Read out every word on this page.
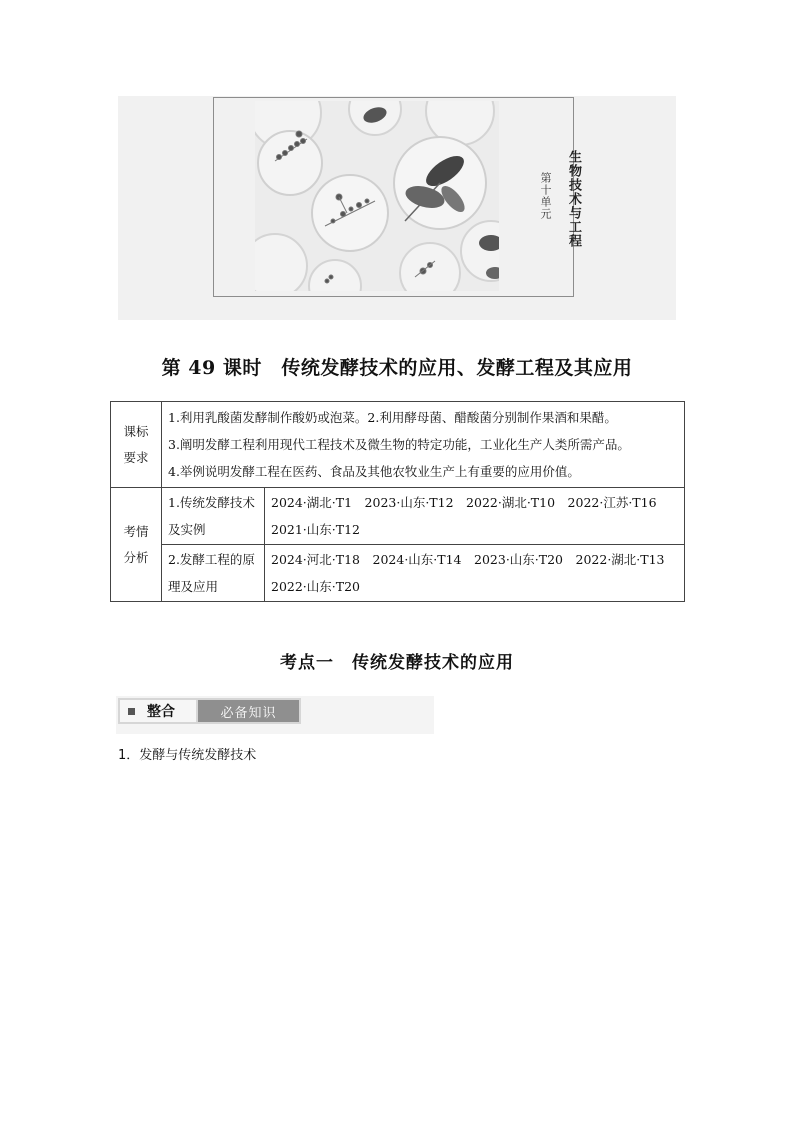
生物技术与工程
第十单元
第 49 课时　传统发酵技术的应用、发酵工程及其应用
课标要求	1.利用乳酸菌发酵制作酸奶或泡菜。2.利用酵母菌、醋酸菌分别制作果酒和果醋。
3.阐明发酵工程利用现代工程技术及微生物的特定功能，工业化生产人类所需产品。
4.举例说明发酵工程在医药、食品及其他农牧业生产上有重要的应用价值。	

考情分析	1.传统发酵技术及实例	2024·湖北·T1　2023·山东·T12　2022·湖北·T10　2022·江苏·T16
2021·山东·T12

	2.发酵工程的原理及应用	2024·河北·T18　2024·山东·T14　2023·山东·T20　2022·湖北·T13
2022·山东·T20
考点一　传统发酵技术的应用
整合	必备知识
1．发酵与传统发酵技术
